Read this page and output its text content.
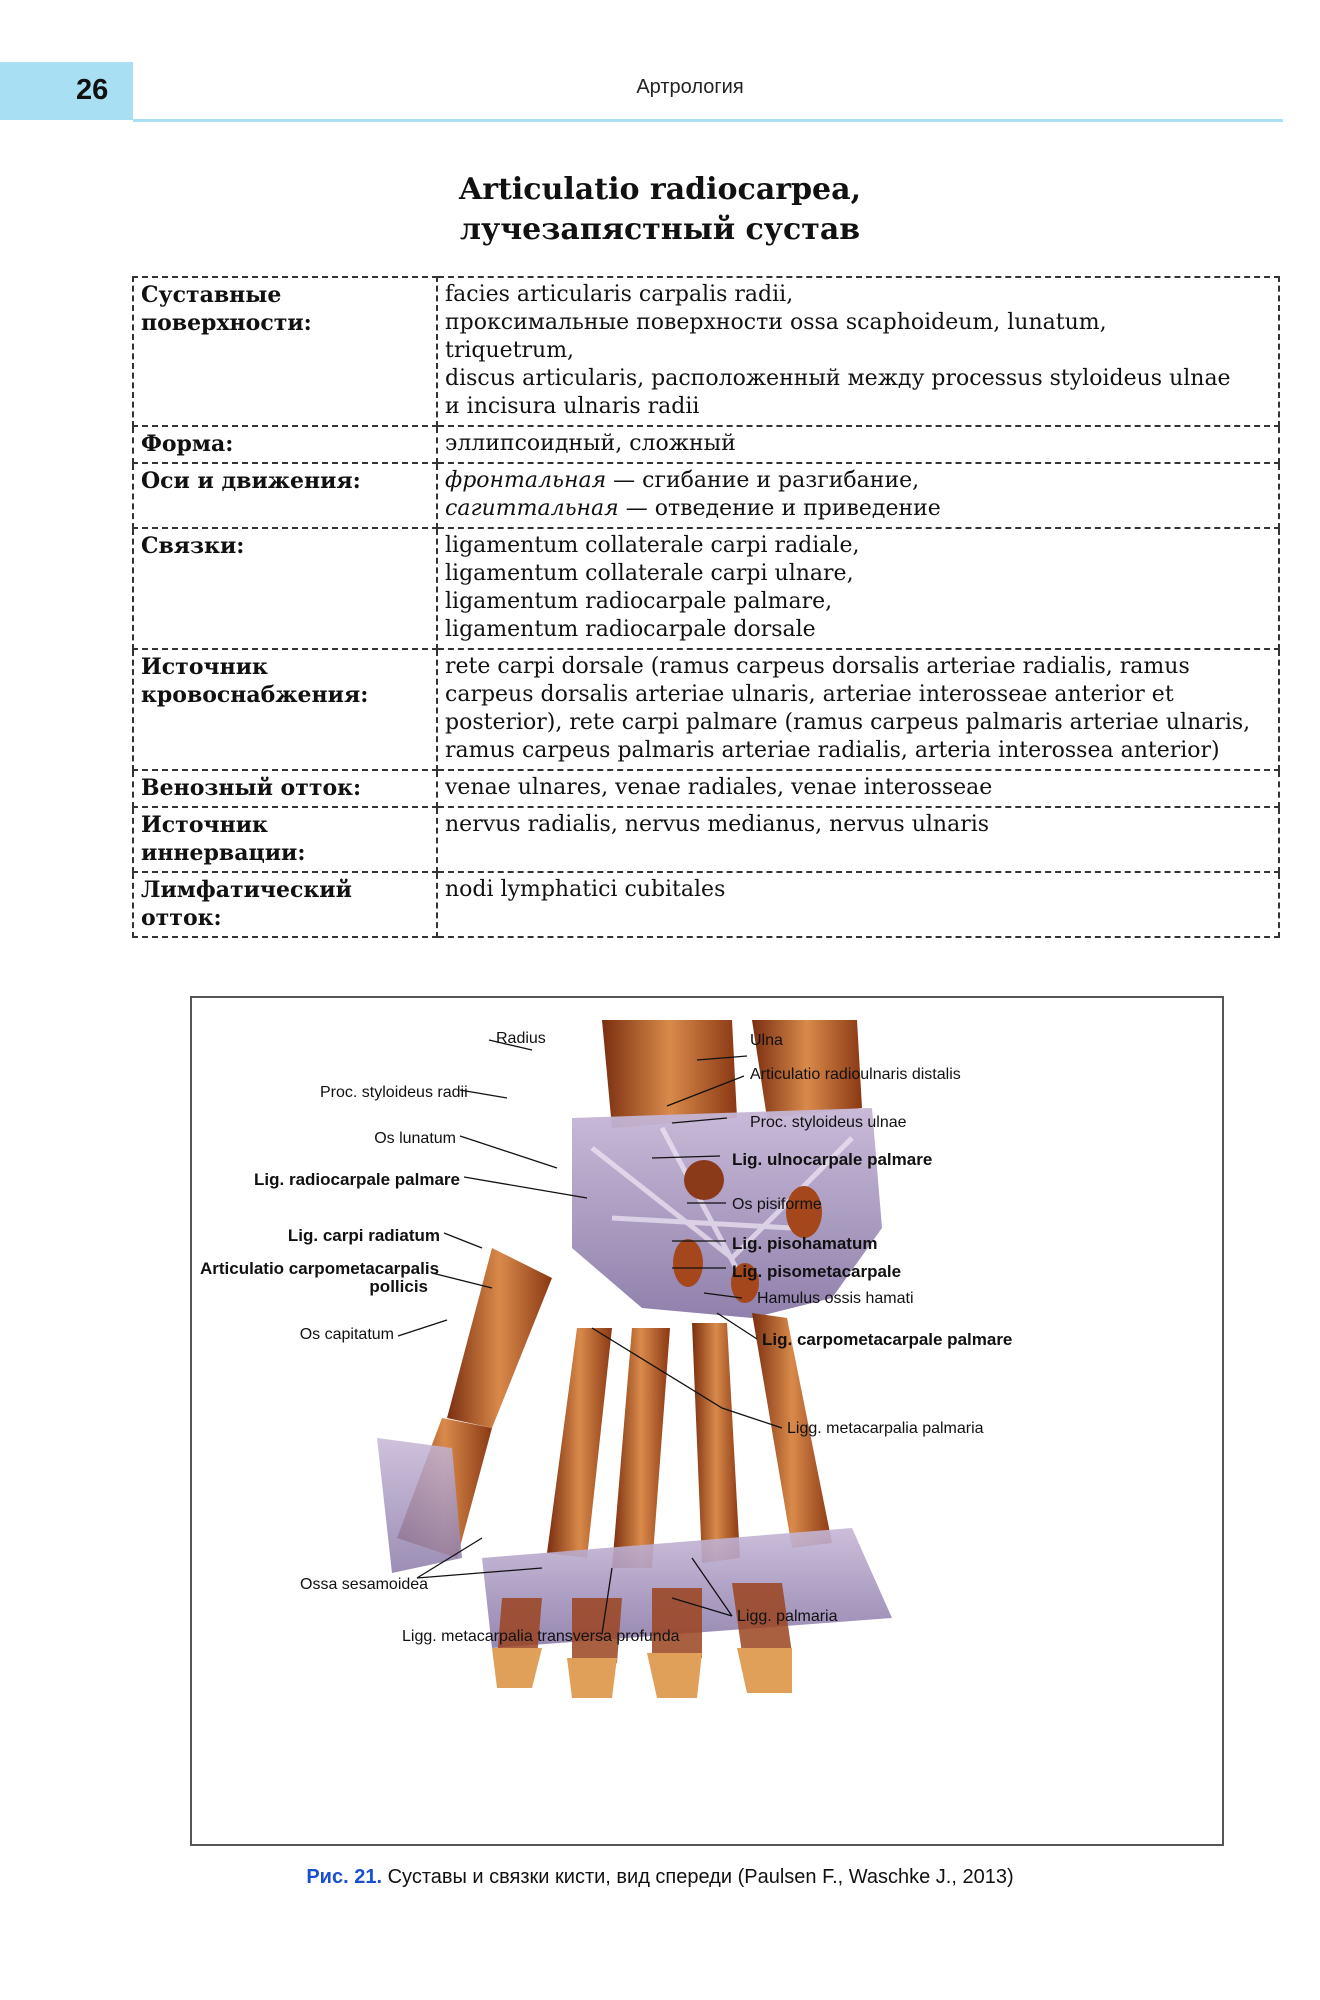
26	Артрология
Articulatio radiocarpea,
лучезапястный сустав
Суставные поверхности:	facies articularis carpalis radii,
проксимальные поверхности ossa scaphoideum, lunatum,
triquetrum,
discus articularis, расположенный между processus styloideus ulnae
и incisura ulnaris radii

Форма:	эллипсоидный, сложный

Оси и движения:	фронтальная — сгибание и разгибание,
сагиттальная — отведение и приведение

Связки:	ligamentum collaterale carpi radiale,
ligamentum collaterale carpi ulnare,
ligamentum radiocarpale palmare,
ligamentum radiocarpale dorsale

Источник кровоснабжения:	rete carpi dorsale (ramus carpeus dorsalis arteriae radialis, ramus
carpeus dorsalis arteriae ulnaris, arteriae interosseae anterior et
posterior), rete carpi palmare (ramus carpeus palmaris arteriae ulnaris,
ramus carpeus palmaris arteriae radialis, arteria interossea anterior)

Венозный отток:	venae ulnares, venae radiales, venae interosseae

Источник иннервации:	nervus radialis, nervus medianus, nervus ulnaris

Лимфатический отток:	nodi lymphatici cubitales
Radius	Ulna
Articulatio radioulnaris distalis
Proc. styloideus radii
Proc. styloideus ulnae
Os lunatum
Lig. ulnocarpale palmare
Lig. radiocarpale palmare
Os pisiforme
Lig. carpi radiatum	Lig. pisohamatum
Articulatio carpometacarpalis
pollicis
Lig. pisometacarpale
Hamulus ossis hamati
Os capitatum	Lig. carpometacarpale palmare
Ligg. metacarpalia palmaria
Ossa sesamoidea
Ligg. palmaria
Ligg. metacarpalia transversa profunda
Рис. 21. Суставы и связки кисти, вид спереди (Paulsen F., Waschke J., 2013)
